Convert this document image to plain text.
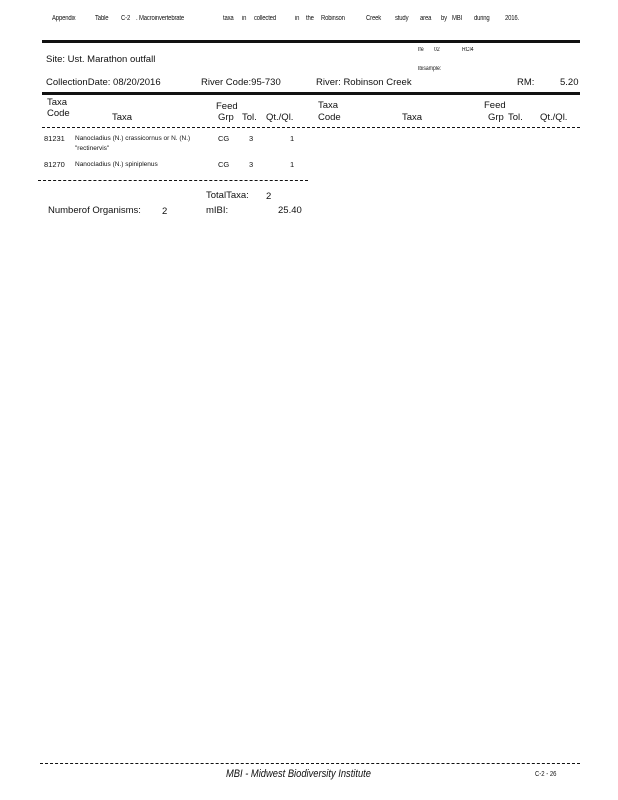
Appendix	Table C-2 . Macroinvertebrate	taxa in collected	in the Robinson	Creek study area by MBI during 2016.
Ife 02	RCI4
Ibisample:
Site: Ust. Marathon outfall
CollectionDate: 08/20/2016	River Code:95-730	River: Robinson Creek	RM:	5.20
Taxa
Code	Taxa
Feed
Grp Tol. Qt./Ql.
Taxa
Code	Taxa
Feed
Grp Tol. Qt./Ql.
81231 Nanocladius (N.) crassicornus or N. (N.)
"rectinervis"
CG	3	1
81270 Nanocladius (N.) spiniplenus	CG	3	1
TotalTaxa: 2
Numberof Organisms: 2	mIBI:	25.40
MBI - Midwest Biodiversity Institute	C-2 - 26
